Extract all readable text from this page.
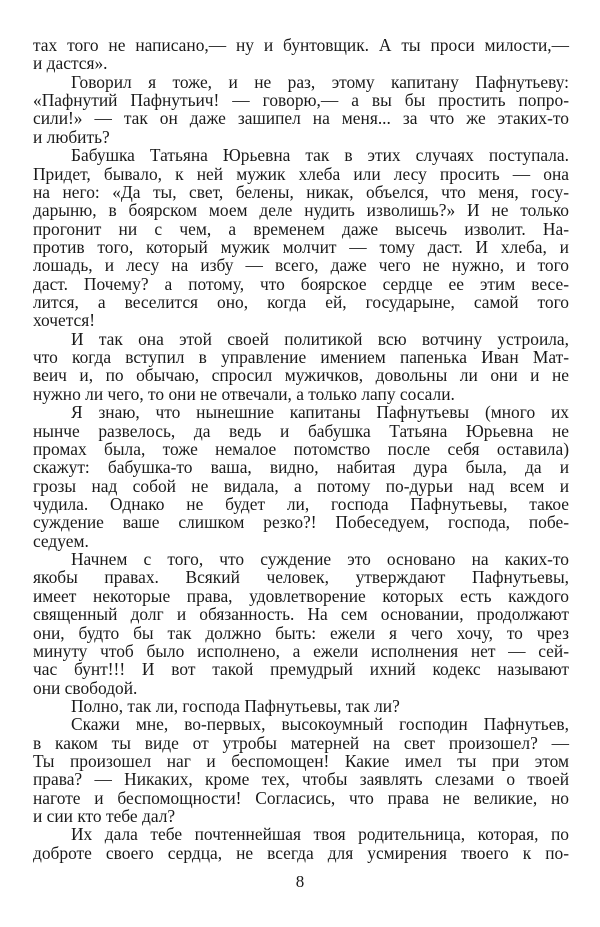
тах того не написано,— ну и бунтовщик. А ты проси милости,—
и дастся».
Говорил я тоже, и не раз, этому капитану Пафнутьеву:
«Пафнутий Пафнутьич! — говорю,— а вы бы простить попро-
сили!» — так он даже зашипел на меня... за что же этаких-то
и любить?
Бабушка Татьяна Юрьевна так в этих случаях поступала.
Придет, бывало, к ней мужик хлеба или лесу просить — она
на него: «Да ты, свет, белены, никак, объелся, что меня, госу-
дарыню, в боярском моем деле нудить изволишь?» И не только
прогонит ни с чем, а временем даже высечь изволит. На-
против того, который мужик молчит — тому даст. И хлеба, и
лошадь, и лесу на избу — всего, даже чего не нужно, и того
даст. Почему? а потому, что боярское сердце ее этим весе-
лится, а веселится оно, когда ей, государыне, самой того
хочется!
И так она этой своей политикой всю вотчину устроила,
что когда вступил в управление имением папенька Иван Мат-
веич и, по обычаю, спросил мужичков, довольны ли они и не
нужно ли чего, то они не отвечали, а только лапу сосали.
Я знаю, что нынешние капитаны Пафнутьевы (много их
нынче развелось, да ведь и бабушка Татьяна Юрьевна не
промах была, тоже немалое потомство после себя оставила)
скажут: бабушка-то ваша, видно, набитая дура была, да и
грозы над собой не видала, а потому по-дурьи над всем и
чудила. Однако не будет ли, господа Пафнутьевы, такое
суждение ваше слишком резко?! Побеседуем, господа, побе-
седуем.
Начнем с того, что суждение это основано на каких-то
якобы правах. Всякий человек, утверждают Пафнутьевы,
имеет некоторые права, удовлетворение которых есть каждого
священный долг и обязанность. На сем основании, продолжают
они, будто бы так должно быть: ежели я чего хочу, то чрез
минуту чтоб было исполнено, а ежели исполнения нет — сей-
час бунт!!! И вот такой премудрый ихний кодекс называют
они свободой.
Полно, так ли, господа Пафнутьевы, так ли?
Скажи мне, во-первых, высокоумный господин Пафнутьев,
в каком ты виде от утробы матерней на свет произошел? —
Ты произошел наг и беспомощен! Какие имел ты при этом
права? — Никаких, кроме тех, чтобы заявлять слезами о твоей
наготе и беспомощности! Согласись, что права не великие, но
и сии кто тебе дал?
Их дала тебе почтеннейшая твоя родительница, которая, по
доброте своего сердца, не всегда для усмирения твоего к по-
8
